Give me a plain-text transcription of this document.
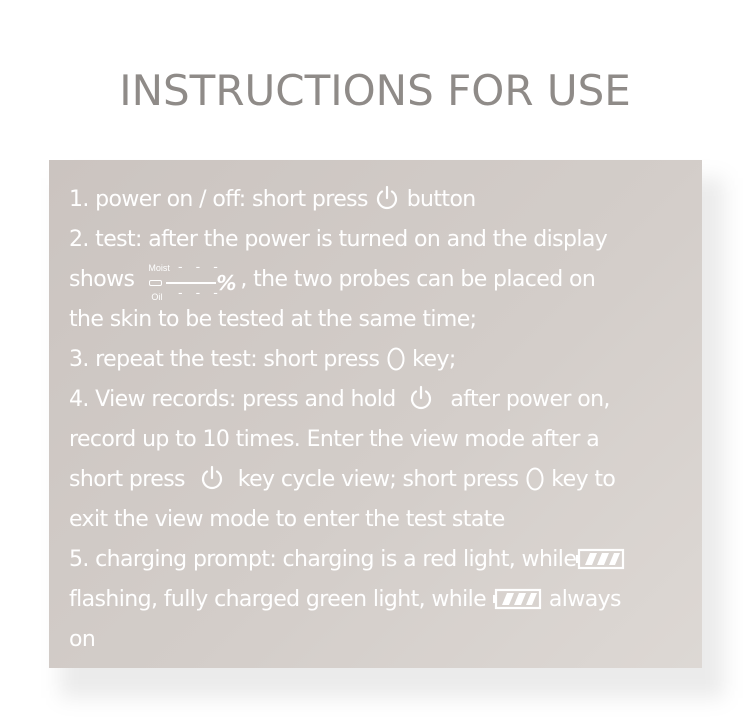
INSTRUCTIONS FOR USE
1. power on / off: short press button
2. test: after the power is turned on and the display
shows Moist - - -
%
Oil - - -
, the two probes can be placed on
the skin to be tested at the same time;
3. repeat the test: short press key;
4. View records: press and hold after power on,
record up to 10 times. Enter the view mode after a
short press key cycle view; short press key to
exit the view mode to enter the test state
5. charging prompt: charging is a red light, while
flashing, fully charged green light, while	always
on
